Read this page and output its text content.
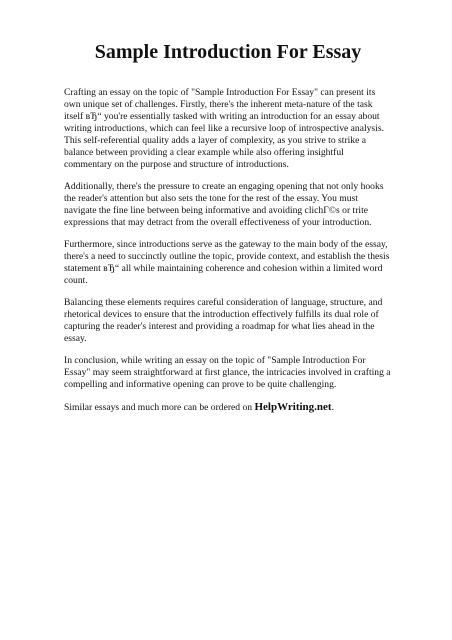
Sample Introduction For Essay

Crafting an essay on the topic of "Sample Introduction For Essay" can present its own unique set of challenges. Firstly, there's the inherent meta-nature of the task itself вЂ“ you're essentially tasked with writing an introduction for an essay about writing introductions, which can feel like a recursive loop of introspective analysis. This self-referential quality adds a layer of complexity, as you strive to strike a balance between providing a clear example while also offering insightful commentary on the purpose and structure of introductions.

Additionally, there's the pressure to create an engaging opening that not only hooks the reader's attention but also sets the tone for the rest of the essay. You must navigate the fine line between being informative and avoiding clichГ©s or trite expressions that may detract from the overall effectiveness of your introduction.

Furthermore, since introductions serve as the gateway to the main body of the essay, there's a need to succinctly outline the topic, provide context, and establish the thesis statement вЂ“ all while maintaining coherence and cohesion within a limited word count.

Balancing these elements requires careful consideration of language, structure, and rhetorical devices to ensure that the introduction effectively fulfills its dual role of capturing the reader's interest and providing a roadmap for what lies ahead in the essay.

In conclusion, while writing an essay on the topic of "Sample Introduction For Essay" may seem straightforward at first glance, the intricacies involved in crafting a compelling and informative opening can prove to be quite challenging.

Similar essays and much more can be ordered on HelpWriting.net.
